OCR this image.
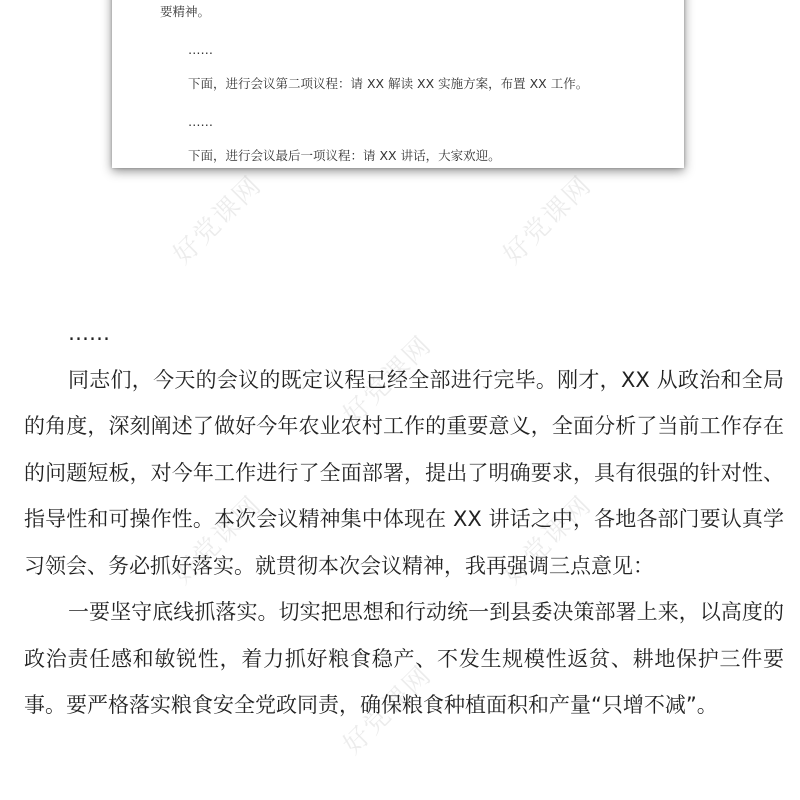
要精神。
……
下面，进行会议第二项议程：请 XX 解读 XX 实施方案，布置 XX 工作。
……
下面，进行会议最后一项议程：请 XX 讲话，大家欢迎。
好党课网	好党课网
好党课网
好党课网	好党课网
好党课网

……

同志们，今天的会议的既定议程已经全部进行完毕。刚才，XX 从政治和全局的角度，深刻阐述了做好今年农业农村工作的重要意义，全面分析了当前工作存在的问题短板，对今年工作进行了全面部署，提出了明确要求，具有很强的针对性、指导性和可操作性。本次会议精神集中体现在 XX 讲话之中，各地各部门要认真学习领会、务必抓好落实。就贯彻本次会议精神，我再强调三点意见：

一要坚守底线抓落实。切实把思想和行动统一到县委决策部署上来，以高度的政治责任感和敏锐性，着力抓好粮食稳产、不发生规模性返贫、耕地保护三件要事。要严格落实粮食安全党政同责，确保粮食种植面积和产量“只增不减”。
